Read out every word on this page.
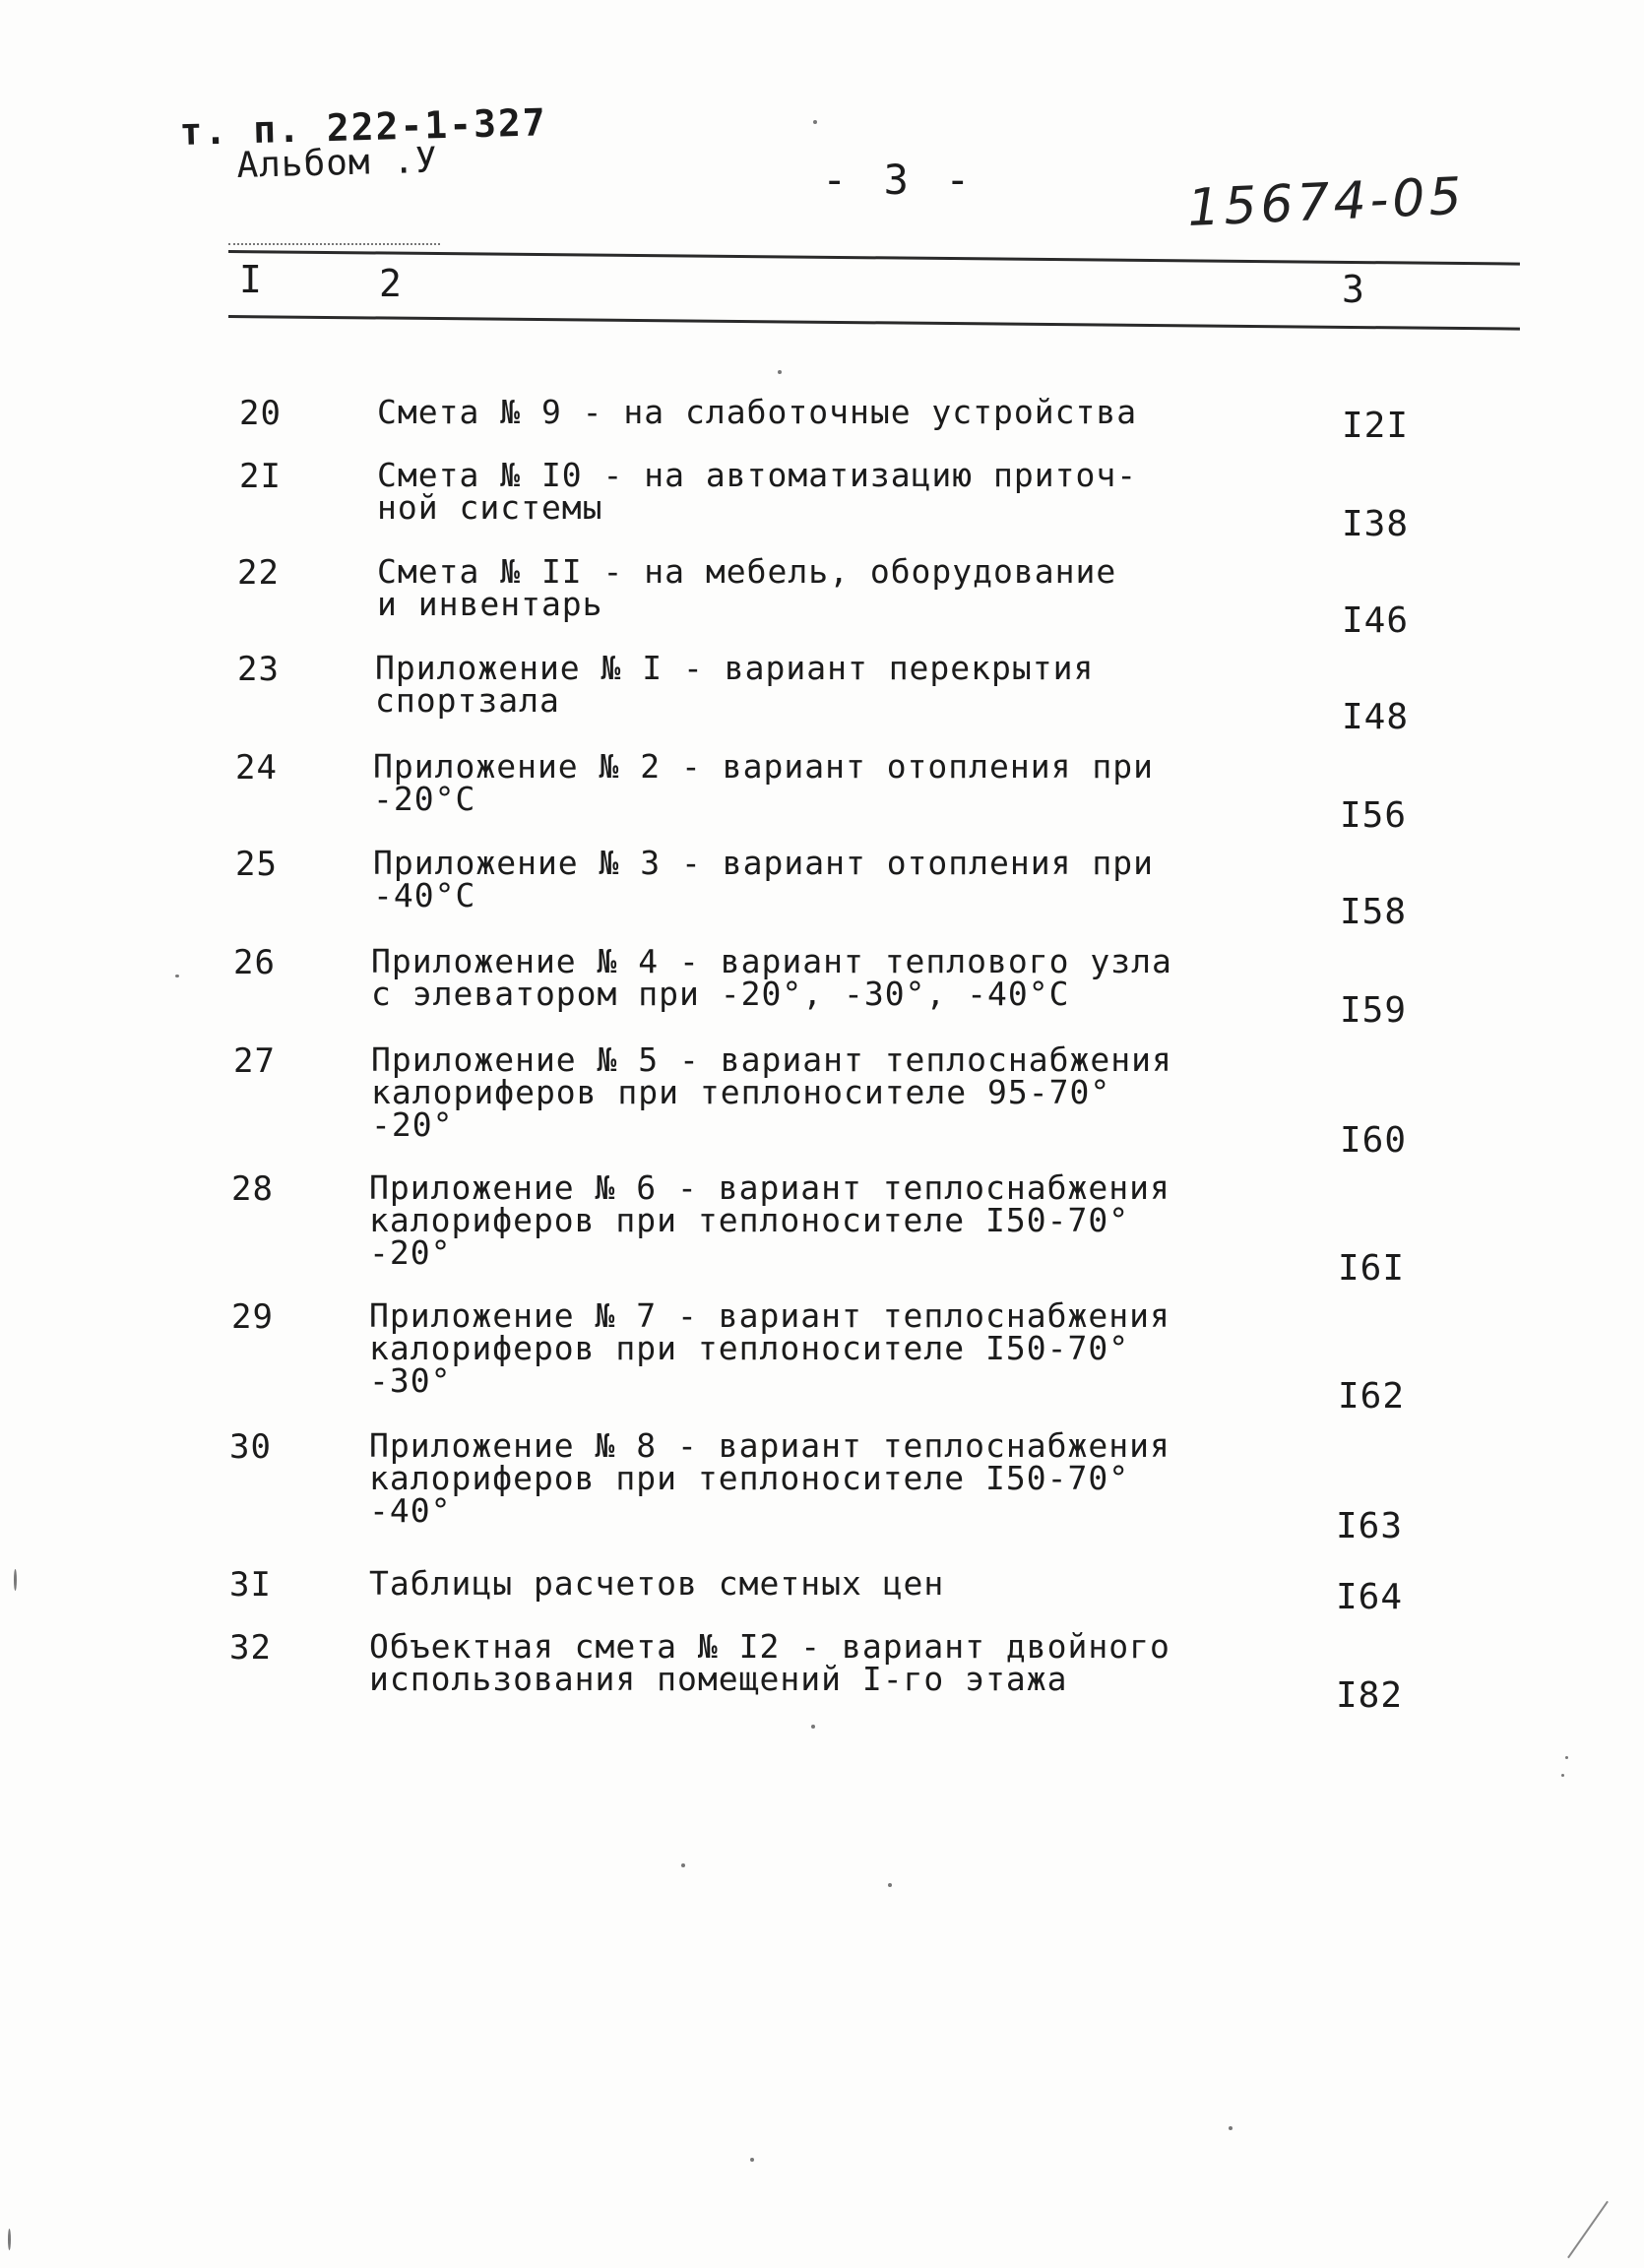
т. п. 222-1-327
Альбом .У	- 3 -	15674-05
I	2	3
20	Смета № 9 - на слаботочные устройства	I2I
2I	Смета № I0 - на автоматизацию приточ-
ной системы	I38
22	Смета № II - на мебель, оборудование
и инвентарь	I46
23	Приложение № I - вариант перекрытия
спортзала	I48
24	Приложение № 2 - вариант отопления при
-20°С	I56
25	Приложение № 3 - вариант отопления при
-40°С	I58
26	Приложение № 4 - вариант теплового узла
с элеватором при -20°, -30°, -40°С	I59
27	Приложение № 5 - вариант теплоснабжения
калориферов при теплоносителе 95-70°
-20°	I60
28	Приложение № 6 - вариант теплоснабжения
калориферов при теплоносителе I50-70°
-20°	I6I
29	Приложение № 7 - вариант теплоснабжения
калориферов при теплоносителе I50-70°
-30°	I62
30	Приложение № 8 - вариант теплоснабжения
калориферов при теплоносителе I50-70°
-40°	I63
3I	Таблицы расчетов сметных цен	I64
32	Объектная смета № I2 - вариант двойного
использования помещений I-го этажа	I82
